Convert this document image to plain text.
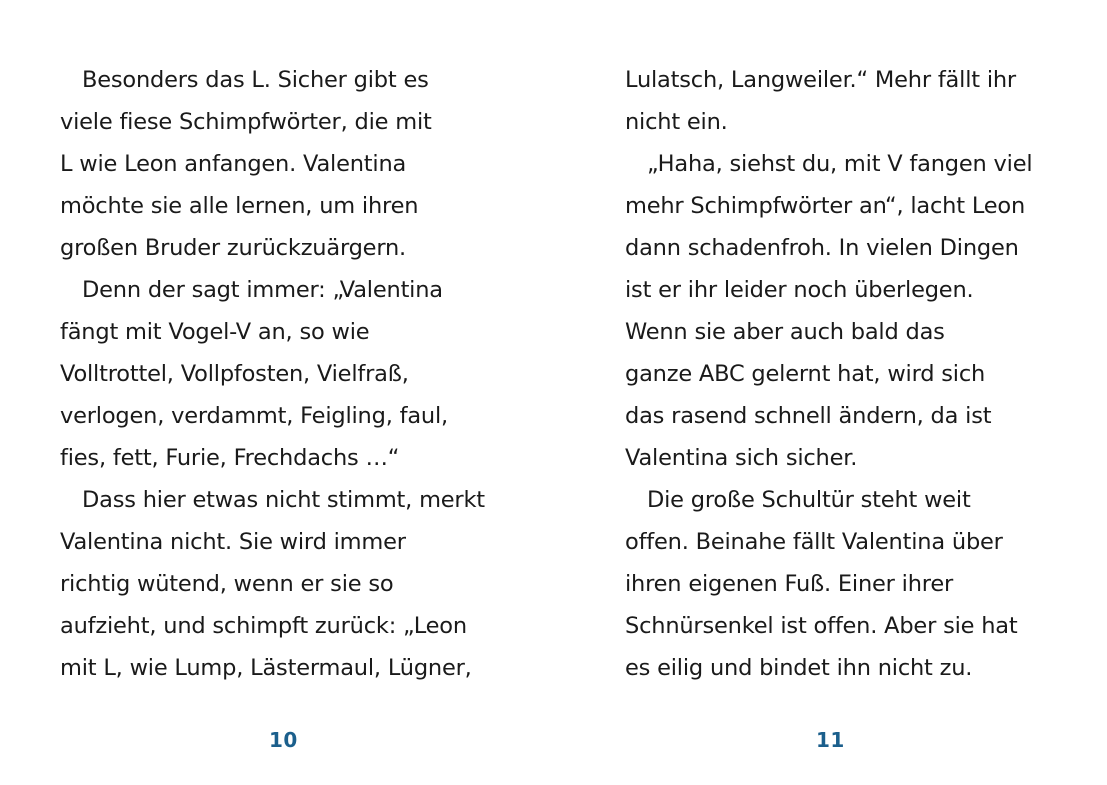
Besonders das L. Sicher gibt es
viele fiese Schimpfwörter, die mit
L wie Leon anfangen. Valentina
möchte sie alle lernen, um ihren
großen Bruder zurückzuärgern.
Denn der sagt immer: „Valentina
fängt mit Vogel-V an, so wie
Volltrottel, Vollpfosten, Vielfraß,
verlogen, verdammt, Feigling, faul,
fies, fett, Furie, Frechdachs …“
Dass hier etwas nicht stimmt, merkt
Valentina nicht. Sie wird immer
richtig wütend, wenn er sie so
aufzieht, und schimpft zurück: „Leon
mit L, wie Lump, Lästermaul, Lügner,
Lulatsch, Langweiler.“ Mehr fällt ihr
nicht ein.
„Haha, siehst du, mit V fangen viel
mehr Schimpfwörter an“, lacht Leon
dann schadenfroh. In vielen Dingen
ist er ihr leider noch überlegen.
Wenn sie aber auch bald das
ganze ABC gelernt hat, wird sich
das rasend schnell ändern, da ist
Valentina sich sicher.
Die große Schultür steht weit
offen. Beinahe fällt Valentina über
ihren eigenen Fuß. Einer ihrer
Schnürsenkel ist offen. Aber sie hat
es eilig und bindet ihn nicht zu.
10	11
